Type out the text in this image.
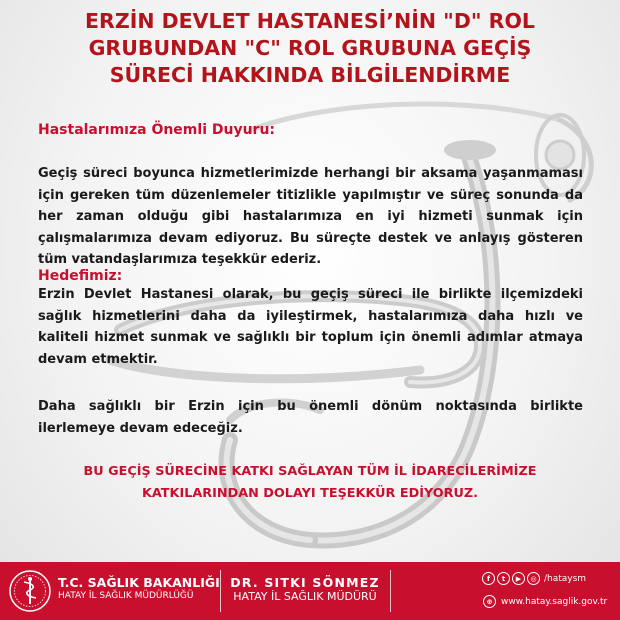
ERZİN DEVLET HASTANESİ’NİN "D" ROL
GRUBUNDAN "C" ROL GRUBUNA GEÇİŞ
SÜRECİ HAKKINDA BİLGİLENDİRME

Hastalarımıza Önemli Duyuru:

Geçiş süreci boyunca hizmetlerimizde herhangi bir aksama yaşanmaması için gereken tüm düzenlemeler titizlikle yapılmıştır ve süreç sonunda da her zaman olduğu gibi hastalarımıza en iyi hizmeti sunmak için çalışmalarımıza devam ediyoruz. Bu süreçte destek ve anlayış gösteren tüm vatandaşlarımıza teşekkür ederiz.

Hedefimiz:

Erzin Devlet Hastanesi olarak, bu geçiş süreci ile birlikte ilçemizdeki sağlık hizmetlerini daha da iyileştirmek, hastalarımıza daha hızlı ve kaliteli hizmet sunmak ve sağlıklı bir toplum için önemli adımlar atmaya devam etmektir.

Daha sağlıklı bir Erzin için bu önemli dönüm noktasında birlikte ilerlemeye devam edeceğiz.

BU GEÇİŞ SÜRECİNE KATKI SAĞLAYAN TÜM İL İDARECİLERİMİZE
KATKILARINDAN DOLAYI TEŞEKKÜR EDİYORUZ.

T.C. SAĞLIK BAKANLIĞI
HATAY İL SAĞLIK MÜDÜRLÜĞÜ
DR. SITKI SÖNMEZ
HATAY İL SAĞLIK MÜDÜRÜ
f	t	▶	◎ /hataysm
⊕ www.hatay.saglik.gov.tr
